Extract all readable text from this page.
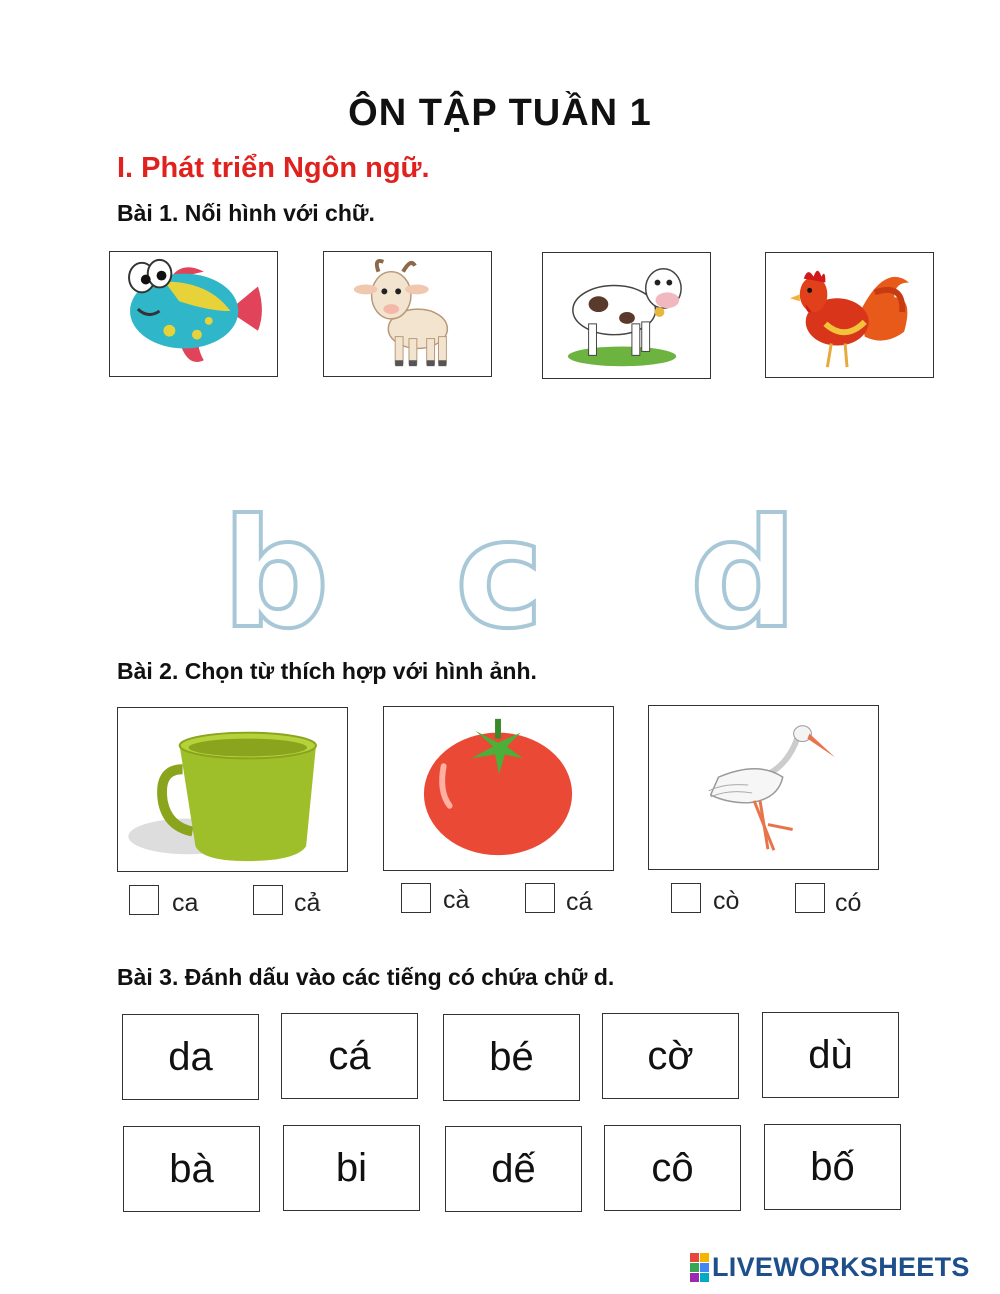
ÔN TẬP TUẦN 1
I. Phát triển Ngôn ngữ.
Bài 1. Nối hình với chữ.
b c d
Bài 2. Chọn từ thích hợp với hình ảnh.
ca	cả	cà	cá	cò	có
Bài 3. Đánh dấu vào các tiếng có chứa chữ d.
da	cá	bé	cờ	dù
bà	bi	dế	cô	bố
LIVEWORKSHEETS
